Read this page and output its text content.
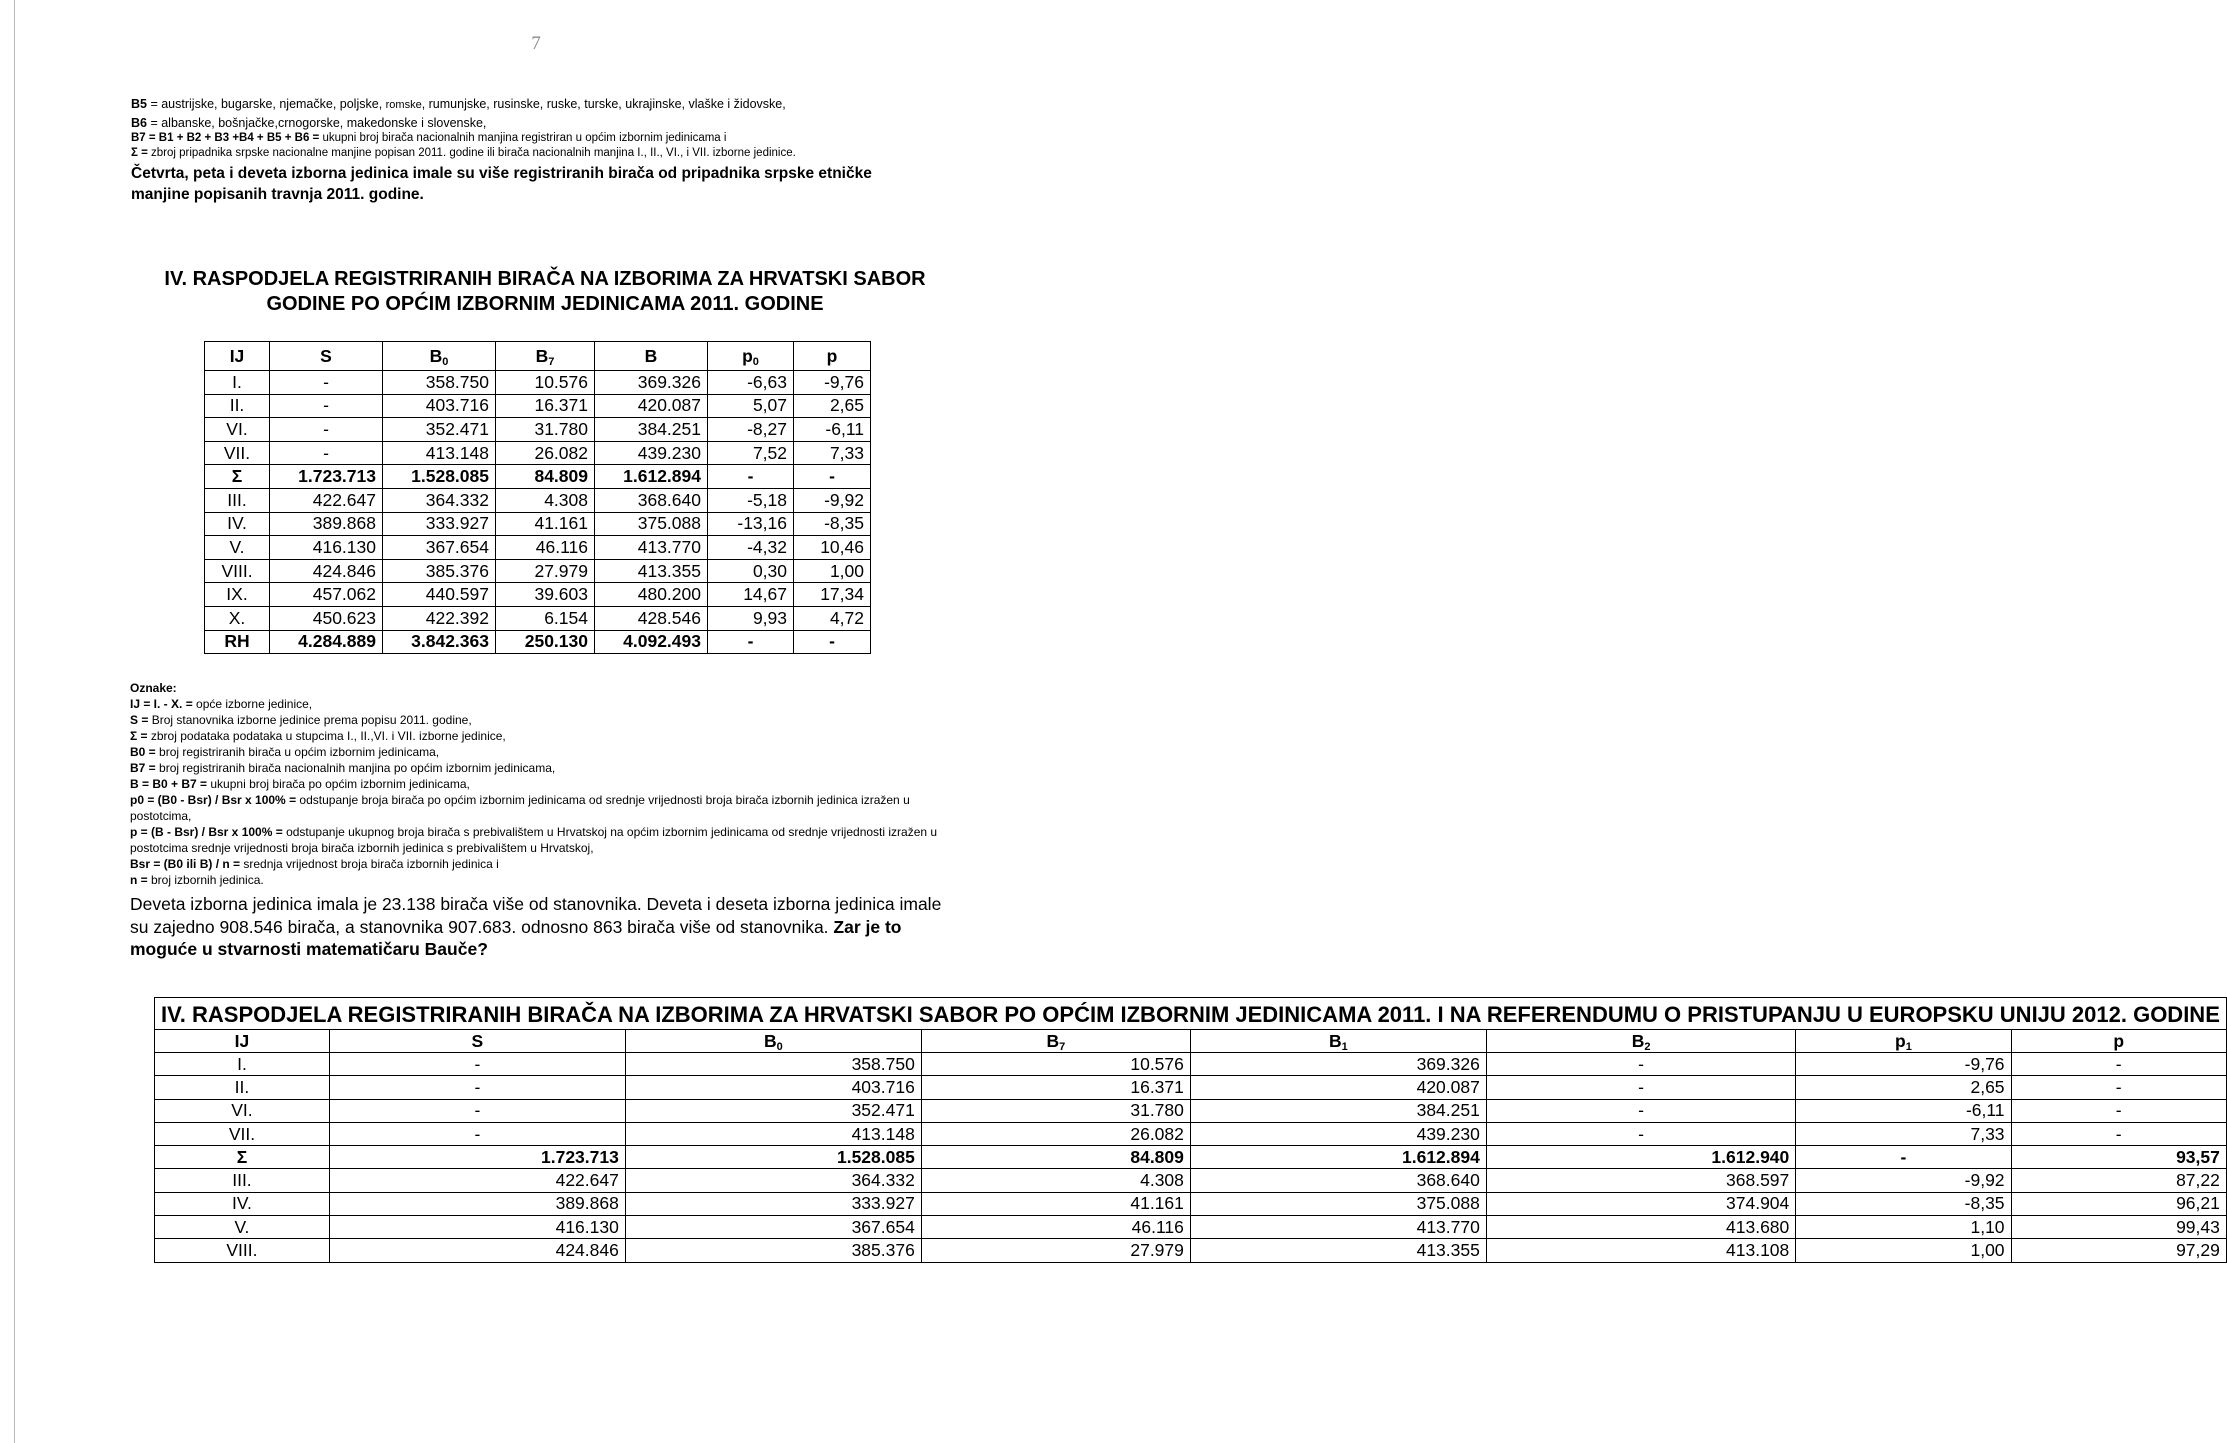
7
B5 = austrijske, bugarske, njemačke, poljske, romske, rumunjske, rusinske, ruske, turske, ukrajinske, vlaške i židovske,
B6 = albanske, bošnjačke,crnogorske, makedonske i slovenske,
B7 = B1 + B2 + B3 +B4 + B5 + B6 = ukupni broj birača nacionalnih manjina registriran u općim izbornim jedinicama i
Σ = zbroj pripadnika srpske nacionalne manjine popisan 2011. godine ili birača nacionalnih manjina I., II., VI., i VII. izborne jedinice.
Četvrta, peta i deveta izborna jedinica imale su više registriranih birača od pripadnika srpske etničke manjine popisanih travnja 2011. godine.
IV. RASPODJELA REGISTRIRANIH BIRAČA NA IZBORIMA ZA HRVATSKI SABOR GODINE PO OPĆIM IZBORNIM JEDINICAMA 2011. GODINE
IJ	S	$B_0$	$B_7$	B	$p_0$	p
I.	-	358.750	10.576	369.326	-6,63	-9,76
II.	-	403.716	16.371	420.087	5,07	2,65
VI.	-	352.471	31.780	384.251	-8,27	-6,11
VII.	-	413.148	26.082	439.230	7,52	7,33
Σ	1.723.713	1.528.085	84.809	1.612.894	-	-
III.	422.647	364.332	4.308	368.640	-5,18	-9,92
IV.	389.868	333.927	41.161	375.088	-13,16	-8,35
V.	416.130	367.654	46.116	413.770	-4,32	10,46
VIII.	424.846	385.376	27.979	413.355	0,30	1,00
IX.	457.062	440.597	39.603	480.200	14,67	17,34
X.	450.623	422.392	6.154	428.546	9,93	4,72
RH	4.284.889	3.842.363	250.130	4.092.493	-	-
Oznake:
IJ = I. - X. = opće izborne jedinice,
S = Broj stanovnika izborne jedinice prema popisu 2011. godine,
Σ = zbroj podataka podataka u stupcima I., II.,VI. i VII. izborne jedinice,
B0 = broj registriranih birača u općim izbornim jedinicama,
B7 = broj registriranih birača nacionalnih manjina po općim izbornim jedinicama,
B = B0 + B7 = ukupni broj birača po općim izbornim jedinicama,
p0 = (B0 - Bsr) / Bsr x 100% = odstupanje broja birača po općim izbornim jedinicama od srednje vrijednosti broja birača izbornih jedinica izražen u postotcima,
p = (B - Bsr) / Bsr x 100% = odstupanje ukupnog broja birača s prebivalištem u Hrvatskoj na općim izbornim jedinicama od srednje vrijednosti izražen u postotcima srednje vrijednosti broja birača izbornih jedinica s prebivalištem u Hrvatskoj,
Bsr = (B0 ili B) / n = srednja vrijednost broja birača izbornih jedinica i
n = broj izbornih jedinica.
Deveta izborna jedinica imala je 23.138 birača više od stanovnika. Deveta i deseta izborna jedinica imale su zajedno 908.546 birača, a stanovnika 907.683. odnosno 863 birača više od stanovnika. Zar je to moguće u stvarnosti matematičaru Bauče?
IV. RASPODJELA REGISTRIRANIH BIRAČA NA IZBORIMA ZA HRVATSKI SABOR PO OPĆIM IZBORNIM JEDINICAMA 2011. I NA REFERENDUMU O PRISTUPANJU U EUROPSKU UNIJU 2012. GODINE							
IJ	S	$B_0$	$B_7$	$B_1$	$B_2$	$p_1$	p
I.	-	358.750	10.576	369.326	-	-9,76	-
II.	-	403.716	16.371	420.087	-	2,65	-
VI.	-	352.471	31.780	384.251	-	-6,11	-
VII.	-	413.148	26.082	439.230	-	7,33	-
Σ	1.723.713	1.528.085	84.809	1.612.894	1.612.940	-	93,57
III.	422.647	364.332	4.308	368.640	368.597	-9,92	87,22
IV.	389.868	333.927	41.161	375.088	374.904	-8,35	96,21
V.	416.130	367.654	46.116	413.770	413.680	1,10	99,43
VIII.	424.846	385.376	27.979	413.355	413.108	1,00	97,29
